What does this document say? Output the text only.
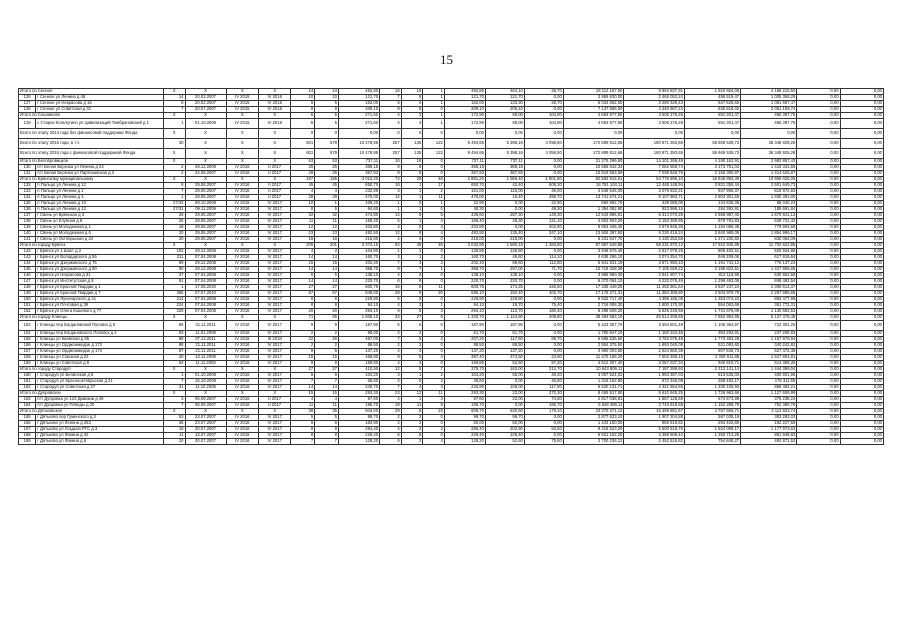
15
Итого по Сенное		X	X	X	X	24	24	492,80	16	15	1	492,80	464,10	28,70	16 112 167,50	9 993 837,91	1 920 664,09	4 168 215,50	0,00	0,00
126	г Сенное ул Ленина д 48	14	20.02.2007	IV 2015	IV 2016	10	10	121,70	7	6	1	121,70	121,70	0,00	3 959 930,00	2 468 052,24	486 519,47	1 005 358,29	0,00	0,00
127	г Сенное ул Некрасова д 15	8	20.02.2007	IV 2015	IV 2016	5	5	162,00	5	4	1	162,00	133,30	28,70	5 034 652,50	3 280 329,43	647 626,60	1 081 697,47	0,00	0,00
128	г Сенное ул Советская д 31	7	20.07.2007	IV 2015	IV 2016	9	9	209,10	8	8	0	209,10	209,10	0,00	7 137 585,00	4 240 987,24	835 918,02	2 061 159,74	0,00	0,00
Итого по Сошниково		X	X	X	X	5	5	271,60	4	3	1	172,90	68,00	104,90	4 663 977,50	3 506 276,28	691 301,47	466 397,75	0,00	0,00
129	с Старое Кольчугино ул Цивилизаций Тимбрановский д 1	1	01.10.2009	IV 2015	IV 2016	5	5	271,60	4	3	1	172,90	68,00	104,90	4 663 977,50	3 506 276,28	691 301,47	466 397,75	0,00	0,00
Всего по этапу 2014 года без финансовой поддержки Фонда		X	X	X	X	0	0	0,00	0	0	0	0,00	0,00	0,00	0,00	0,00	0,00	0,00	0,00	0,00
Всего по этапу 2015 года, в т.ч.		40	X	X	X	601	579	10 478,96	257	135	122	9 494,66	5 398,16	4 096,50	272 889 812,66	180 871 393,65	55 669 539,73	36 348 928,28	0,00	0,00
Всего по этапу 2015 года с финансовой поддержкой Фонда		X	X	X	X	601	579	10 478,96	257	135	122	9 494,66	5 398,16	4 056,50	272 889 812,66	180 871 393,65	55 669 539,73	36 348 928,28	0,00	0,00
Итого по Белобровицкое		X	X	X	X	53	53	737,11	16	16	0	737,11	737,11	0,00	21 275 296,50	14 101 268,49	4 190 162,91	2 983 857,43	0,00	0,00
130	пгт Белая Березка ул Ленина д 24	2	29.12.2009	IV 2016	II 2017	25	25	369,18	8	8	0	369,18	369,18	0,00	10 655 642,34	7 062 559,74	2 173 751,04	1 419 331,56	0,00	0,00
131	пгт Белая Березка ул Партизанская д 3	2	24.08.2007	IV 2016	II 2017	26	26	367,93	8	8	0	367,93	367,93	0,00	10 619 563,59	7 038 648,75	2 166 390,97	1 414 525,87	0,00	0,00
Итого по Брянскому муниципальному		X	X	X	X	197	185	3 010,20	74	26	48	2 861,20	1 059,40	1 801,80	82 583 815,61	54 775 896,10	16 848 894,39	10 959 025,05	0,00	0,00
132	п Пальцо ул Ленина д 12	8	29.06.2007	IV 2016	II 2017	45	45	650,70	18	1	17	650,70	42,40	608,30	18 781 104,11	12 448 148,94	3 831 355,44	2 501 649,73	0,00	0,00
133	п Пальцо ул Ленина д 2	7	29.06.2007	IV 2016	II 2017	4	4	232,89	3	1	2	161,00	116,00	45,00	4 646 545,00	3 079 932,21	947 958,37	618 972,83	0,00	0,00
134	п Пальцо ул Ленина д 4	1	29.06.2007	IV 2016	II 2017	28	28	476,00	12	1	11	476,00	16,40	459,70	13 741 674,21	9 107 983,71	2 803 301,56	1 830 391,00	0,00	0,00
135	п Пальцо ул Ленина д 10	27/33	09.10.2009	IV 2016	IV 2017	10	1	109,20	1	0	1	22,90	0,00	22,90	660 962,70	439 086,08	134 836,39	88 040,23	0,00	0,00
136	п Пальцо ул Ленина д 12	27/31	09.11.2009	IV 2016	IV 2017	8	5	94,60	1	1	0	48,30	0,00	48,30	1 394 082,90	923 998,15	284 392,91	185 691,84	0,00	0,00
137	г Свень ул Брянская д 3	28	29.06.2007	IV 2016	IV 2017	32	32	474,80	14	9	5	436,60	287,30	149,30	12 543 896,81	8 314 070,28	2 558 987,40	1 670 841,13	0,00	0,00
138	г Свень ул Клубная д 8	26	29.06.2007	IV 2016	IV 2017	11	11	166,40	5	1	4	166,40	45,30	121,10	4 802 903,20	3 183 389,95	979 791,83	639 721,42	0,00	0,00
139	г Свень ул Молодежная д 1	18	29.06.2007	IV 2016	IV 2017	12	12	202,80	4	0	4	202,80	0,00	202,80	5 853 436,40	3 879 646,39	1 194 096,35	779 693,66	0,00	0,00
140	г Свень ул Молодежная д 6	20	29.06.2007	IV 2016	IV 2017	23	23	482,50	12	8	4	482,50	135,40	347,10	13 926 397,50	9 230 416,24	2 840 985,09	1 854 996,17	0,00	0,00
141	г Свень ул Октябрьская д 34	20	29.06.2007	IV 2016	IV 2017	16	16	215,00	4	4	0	215,00	215,00	0,00	6 231 547,70	4 130 252,58	1 271 230,83	830 064,09	0,00	0,00
Итого по городу Брянск		X	X	X	X	205	201	3 372,15	92	46	46	3 043,95	1 660,15	1 383,80	87 857 528,85	58 231 970,12	17 922 935,88	11 702 622,85	0,00	0,00
142	г Брянск ул 1 Шахт д 2	192	29.12.2008	IV 2016	IV 2017	4	3	104,80	1	1	0	136,80	136,80	0,00	3 948 576,40	2 617 078,25	805 483,51	525 924,86	0,00	0,00
143	г Брянск ул Володарского д 55	211	07.04.2008	IV 2016	IV 2017	14	14	160,70	3	1	2	160,70	46,60	114,10	4 638 286,10	3 074 254,70	946 209,06	617 819,64	0,00	0,00
144	г Брянск ул Дзержинского д 75	89	29.12.2008	IV 2016	IV 2017	15	15	202,40	7	4	3	202,40	89,60	112,80	5 841 831,19	3 871 950,23	1 191 741,12	778 137,24	0,00	0,00
145	г Брянск ул Дзержинского д 80	90	29.12.2008	IV 2016	IV 2017	14	14	368,70	8	7	1	368,70	297,00	71,70	10 719 328,39	7 105 029,22	2 186 822,51	1 427 866,66	0,00	0,00
146	г Брянск ул Некрасова д 31	37	07.04.2008	IV 2016	IV 2017	5	5	138,10	4	4	0	138,10	138,10	0,00	3 985 980,30	2 641 907,74	813 119,98	530 952,58	0,00	0,00
147	г Брянск ул Институтская д 8	51	07.04.2008	IV 2016	IV 2017	14	14	220,70	6	6	0	220,70	220,70	0,00	6 370 064,10	4 222 078,49	1 299 493,08	848 492,54	0,00	0,00
148	г Брянск ул Красной Гвардии д 1	1	17.05.2020	IV 2016	IV 2017	27	27	600,75	16	5	11	600,75	174,25	426,50	17 339 449,25	11 492 381,64	3 537 247,24	2 309 614,37	0,00	0,00
149	г Брянск ул Красной Гвардии д 7	365	07.07.2010	IV 2016	IV 2017	67	67	648,00	29	9	20	595,10	192,40	402,70	17 176 371,31	11 384 306,80	3 503 979,75	2 287 985,66	0,00	0,00
150	г Брянск ул Луначарского д 41	214	07.04.2008	IV 2016	IV 2017	6	6	229,80	5	5	0	229,80	229,80	0,00	6 632 717,40	4 396 165,09	1 353 074,23	883 477,99	0,00	0,00
151	г Брянск ул Почтовая д 39	224	07.04.2008	IV 2016	IV 2017	8	8	94,10	4	3	1	94,10	18,70	75,40	2 716 008,30	1 800 170,30	554 063,69	361 772,31	0,00	0,00
152	г Брянск ул Олега Кошевого д 77	329	07.04.2008	IV 2016	IV 2017	20	20	294,10	9	6	3	294,10	113,70	180,40	8 488 608,20	5 626 249,58	1 731 676,09	1 130 682,53	0,00	0,00
Итого по городу Клинцы		X	X	X	X	71	65	1 608,10	33	27	6	1 333,70	1 124,90	208,80	38 494 583,10	25 514 209,65	7 852 894,95	5 127 478,48	0,00	0,00
153	г Клинцы пер Богдановский Поповск д 6	86	31.11.2011	IV 2016	IV 2017	9	9	187,90	6	6	0	187,90	187,90	0,00	5 423 357,70	3 594 601,48	1 106 364,97	722 391,25	0,00	0,00
154	г Клинцы пер Богдановского Поповск д 4	93	11.01.2009	IV 2016	IV 2017	2	2	98,00	2	2	0	61,70	61,70	0,00	1 780 847,10	1 180 342,46	363 292,81	237 208,83	0,00	0,00
155	г Клинцы ул Киевская д 95	89	07.12.2011	IV 2016	III 2018	32	26	487,00	7	5	2	207,20	117,50	89,70	5 695 535,60	3 762 075,49	1 773 483,28	1 157 978,94	0,00	0,00
156	г Клинцы ул Орджоникидзе д 172	88	21.11.2011	IV 2016	IV 2017	2	2	88,50	2	2	0	88,50	88,50	0,00	2 554 375,50	1 693 040,08	521 092,60	340 242,82	0,00	0,00
157	г Клинцы ул Орджоникидзе д 174	87	21.11.2011	IV 2016	IV 2017	9	5	137,20	4	4	0	137,20	137,20	0,00	3 960 003,60	2 624 660,39	807 840,73	527 472,48	0,00	0,00
158	г Клинцы ул Союзная д 22	40	13.11.2009	IV 2016	IV 2017	15	15	468,80	9	5	4	397,40	373,50	23,90	11 470 156,20	7 602 469,15	2 339 911,86	1 527 804,81	0,00	0,00
159	г Клинцы ул Советская д 8	63	11.11.2009	IV 2016	IV 2017	9	9	159,80	4	4	0	159,80	62,60	97,20	4 612 307,40	3 057 037,34	940 910,71	614 359,35	0,00	0,00
Итого по городу Стародуб		X	X	X	X	27	27	410,50	12	5	7	375,70	163,00	212,70	10 843 809,11	7 187 289,93	2 212 141,14	1 444 398,04	0,00	0,00
160	г Стародуб ул Белинская д 8	1	01.10.2009	IV 2016	IV 2017	6	6	104,20	3	1	2	104,20	55,00	49,20	3 007 524,02	1 993 387,03	613 535,03	400 601,96	0,00	0,00
161	г Стародуб ул Краснооктябрьская д 21	7	15.10.2009	IV 2016	IV 2017	7	7	65,60	2	0	2	45,60	0,00	45,60	1 316 152,80	872 346,08	268 493,17	175 311,55	0,00	0,00
162	г Стародуб ул Советская д 27	31	11.10.2009	IV 2016	IV 2017	14	14	240,70	7	4	3	225,90	108,00	117,90	6 520 131,71	4 321 554,55	1 330 105,93	868 484,21	0,00	0,00
Итого по Дубровское		X	X	X	X	15	15	293,30	23	12	11	293,30	23,00	270,30	8 465 517,90	5 610 945,25	1 726 963,66	1 127 606,99	0,00	0,00
163	пгт Дубровка ул 124 Дивизии д 49	3	06.09.2007	IV 2016	II 2017	4	4	97,60	4	1	3	97,60	23,00	74,60	2 817 038,81	1 867 126,69	574 673,88	375 238,24	0,00	0,00
164	пгт Дубровка ул Победы д 20	7	06.09.2007	IV 2016	II 2017	11	11	195,70	19	11	8	195,70	0,00	195,70	5 648 489,11	3 743 818,56	1 152 289,78	752 380,76	0,00	0,00
Итого по Дятьковское		X	X	X	X	38	35	943,60	29	6	23	809,70	630,60	179,10	23 370 371,12	15 499 881,67	4 767 555,71	3 112 933,74	0,00	0,00
165	г Дятьково пер Гуменского д 3	53	23.07.2007	IV 2016	IV 2017	5	5	99,70	2	2	0	99,70	99,70	0,00	2 877 623,10	1 907 304,88	587 035,19	383 283,03	0,00	0,00
166	г Дятьково ул Ленина д 253	36	23.07.2007	IV 2016	IV 2017	6	6	183,90	2	2	0	50,00	50,00	0,00	1 443 150,00	956 519,82	294 402,60	192 227,58	0,00	0,00
167	г Дятьково ул Усадьба РТС д 3	19	30.07.2007	IV 2016	IV 2017	9	9	294,40	4	2	2	286,40	202,90	83,50	8 415 523,20	5 600 519,76	1 824 099,17	1 177 973,63	0,00	0,00
168	г Дятьково ул Фокина д 42	11	13.07.2007	IV 2016	IV 2017	8	8	229,40	6	6	0	229,40	229,40	0,00	6 621 152,20	4 388 508,42	1 350 714,25	881 948,83	0,00	0,00
169	г Дятьково ул Фокина д 6	10	30.07.2007	IV 2016	IV 2017	7	7	128,20	6	2	4	128,20	52,60	75,60	3 700 236,12	2 452 516,82	754 848,27	492 871,53	0,00	0,00
